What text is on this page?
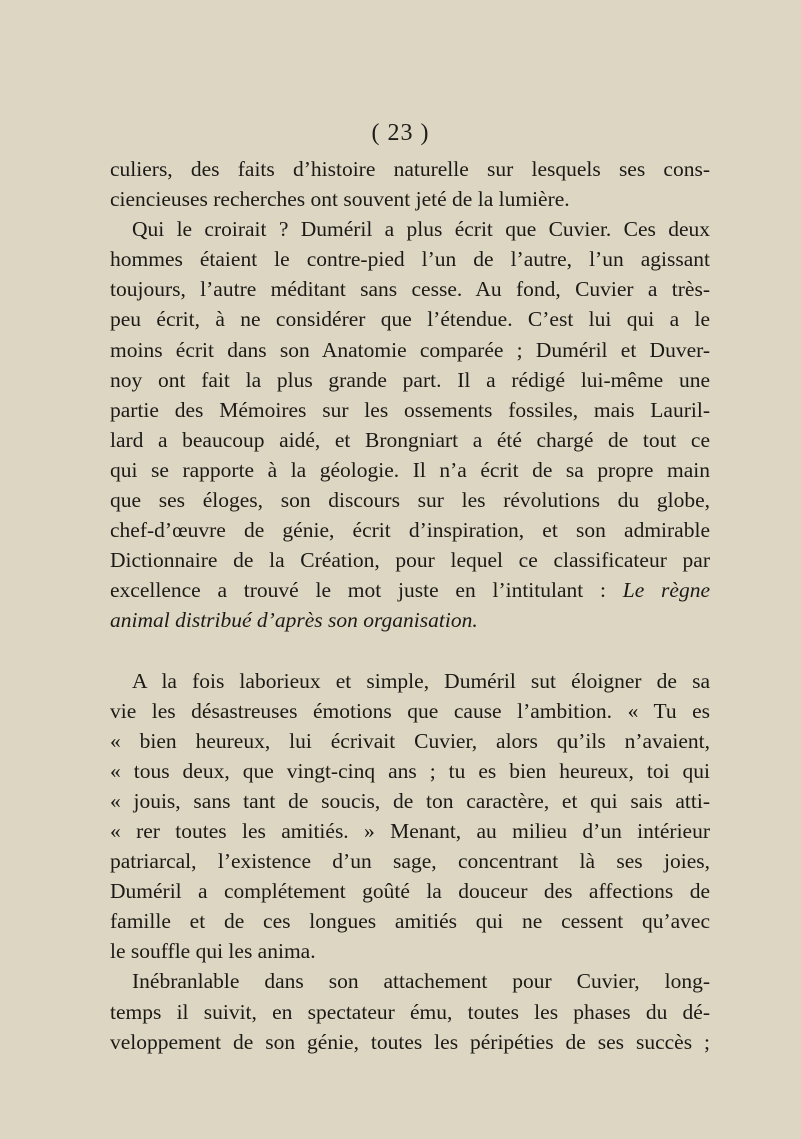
( 23 )
culiers, des faits d’histoire naturelle sur lesquels ses cons-
ciencieuses recherches ont souvent jeté de la lumière.
Qui le croirait ? Duméril a plus écrit que Cuvier. Ces deux
hommes étaient le contre-pied l’un de l’autre, l’un agissant
toujours, l’autre méditant sans cesse. Au fond, Cuvier a très-
peu écrit, à ne considérer que l’étendue. C’est lui qui a le
moins écrit dans son Anatomie comparée ; Duméril et Duver-
noy ont fait la plus grande part. Il a rédigé lui-même une
partie des Mémoires sur les ossements fossiles, mais Lauril-
lard a beaucoup aidé, et Brongniart a été chargé de tout ce
qui se rapporte à la géologie. Il n’a écrit de sa propre main
que ses éloges, son discours sur les révolutions du globe,
chef-d’œuvre de génie, écrit d’inspiration, et son admirable
Dictionnaire de la Création, pour lequel ce classificateur par
excellence a trouvé le mot juste en l’intitulant : Le règne
animal distribué d’après son organisation.
A la fois laborieux et simple, Duméril sut éloigner de sa
vie les désastreuses émotions que cause l’ambition. « Tu es
« bien heureux, lui écrivait Cuvier, alors qu’ils n’avaient,
« tous deux, que vingt-cinq ans ; tu es bien heureux, toi qui
« jouis, sans tant de soucis, de ton caractère, et qui sais atti-
« rer toutes les amitiés. » Menant, au milieu d’un intérieur
patriarcal, l’existence d’un sage, concentrant là ses joies,
Duméril a complétement goûté la douceur des affections de
famille et de ces longues amitiés qui ne cessent qu’avec
le souffle qui les anima.
Inébranlable dans son attachement pour Cuvier, long-
temps il suivit, en spectateur ému, toutes les phases du dé-
veloppement de son génie, toutes les péripéties de ses succès ;
